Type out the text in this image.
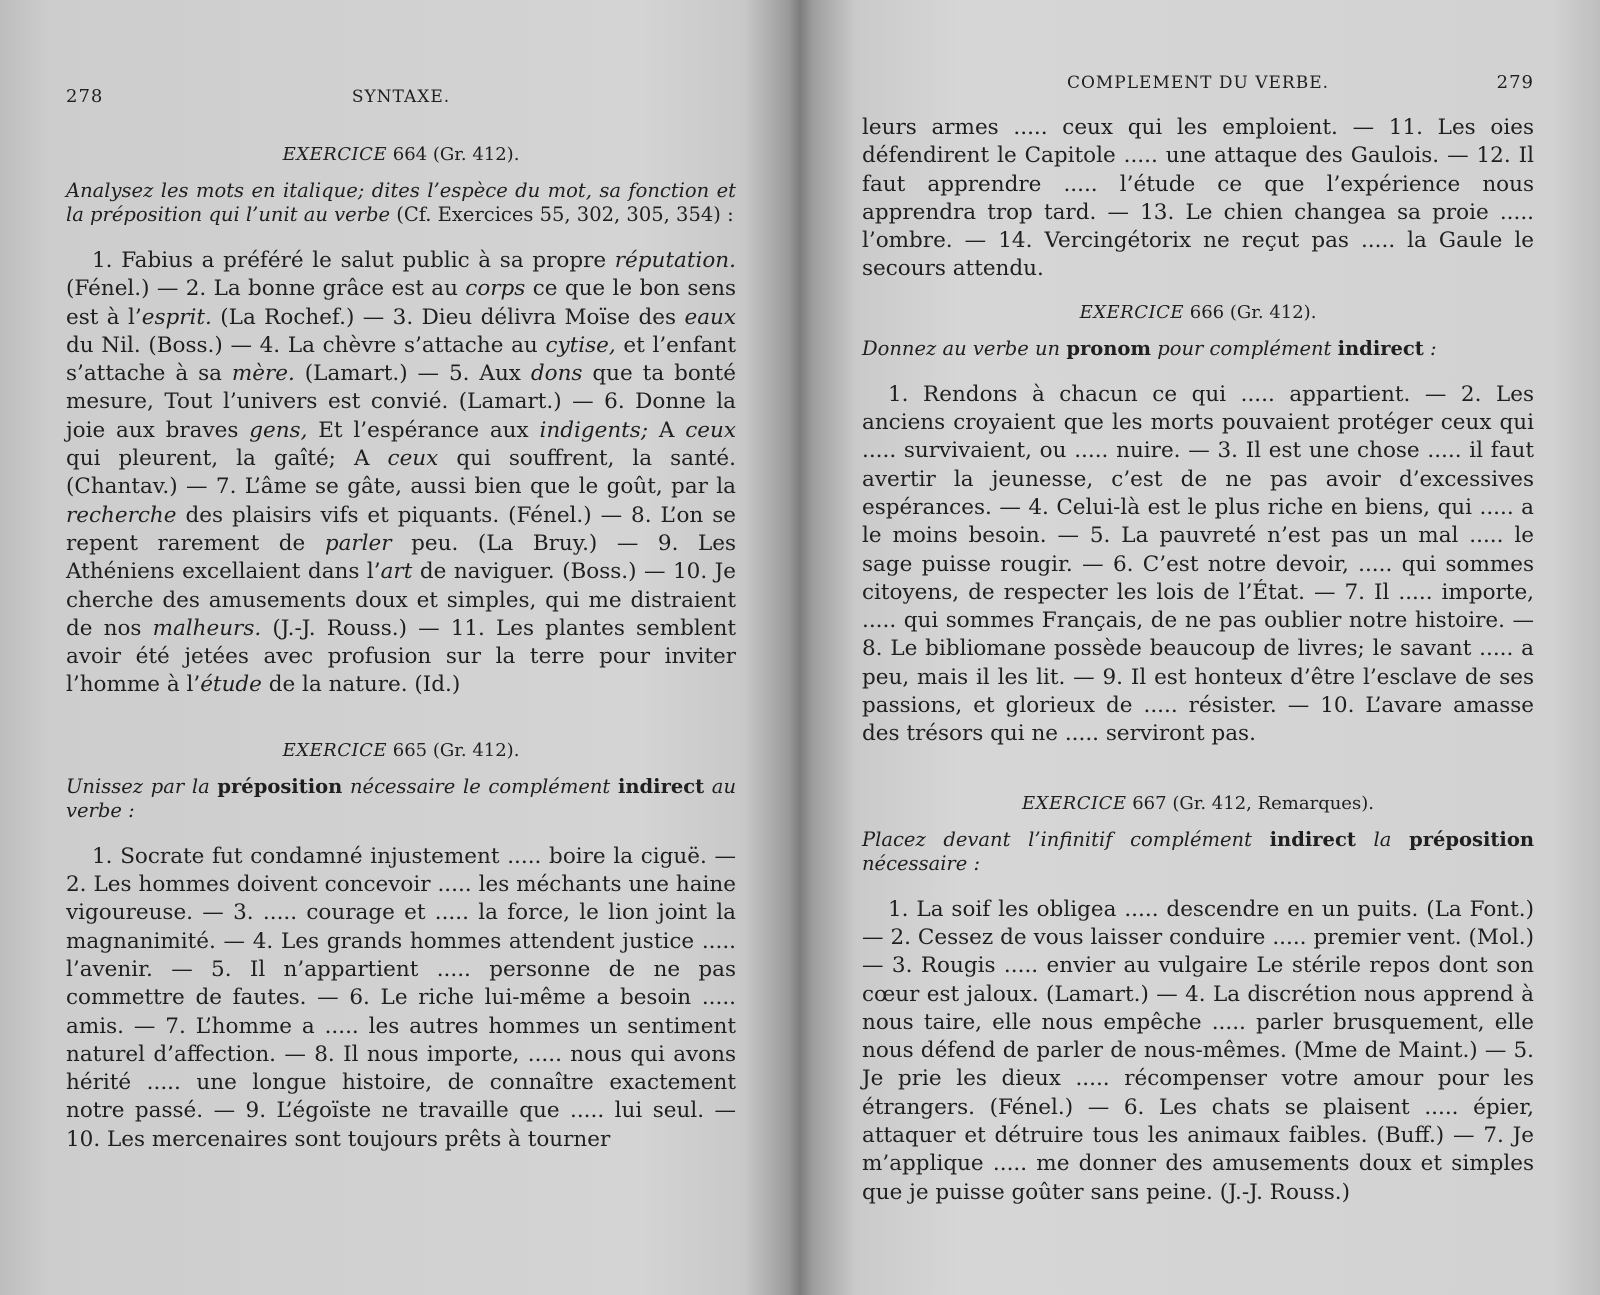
278	SYNTAXE.
EXERCICE 664 (Gr. 412).

Analysez les mots en italique; dites l’espèce du mot, sa fonction et la préposition qui l’unit au verbe (Cf. Exercices 55, 302, 305, 354) :

1. Fabius a préféré le salut public à sa propre réputation. (Fénel.) — 2. La bonne grâce est au corps ce que le bon sens est à l’esprit. (La Rochef.) — 3. Dieu délivra Moïse des eaux du Nil. (Boss.) — 4. La chèvre s’attache au cytise, et l’enfant s’attache à sa mère. (Lamart.) — 5. Aux dons que ta bonté mesure, Tout l’univers est convié. (Lamart.) — 6. Donne la joie aux braves gens, Et l’espérance aux indigents; A ceux qui pleurent, la gaîté; A ceux qui souffrent, la santé. (Chantav.) — 7. L’âme se gâte, aussi bien que le goût, par la recherche des plaisirs vifs et piquants. (Fénel.) — 8. L’on se repent rarement de parler peu. (La Bruy.) — 9. Les Athéniens excellaient dans l’art de naviguer. (Boss.) — 10. Je cherche des amusements doux et simples, qui me distraient de nos malheurs. (J.-J. Rouss.) — 11. Les plantes semblent avoir été jetées avec profusion sur la terre pour inviter l’homme à l’étude de la nature. (Id.)

EXERCICE 665 (Gr. 412).

Unissez par la préposition nécessaire le complément indirect au verbe :

1. Socrate fut condamné injustement ..... boire la ciguë. — 2. Les hommes doivent concevoir ..... les méchants une haine vigoureuse. — 3. ..... courage et ..... la force, le lion joint la magnanimité. — 4. Les grands hommes attendent justice ..... l’avenir. — 5. Il n’appartient ..... personne de ne pas commettre de fautes. — 6. Le riche lui-même a besoin ..... amis. — 7. L’homme a ..... les autres hommes un sentiment naturel d’affection. — 8. Il nous importe, ..... nous qui avons hérité ..... une longue histoire, de connaître exactement notre passé. — 9. L’égoïste ne travaille que ..... lui seul. — 10. Les mercenaires sont toujours prêts à tourner

COMPLEMENT DU VERBE.	279

leurs armes ..... ceux qui les emploient. — 11. Les oies défendirent le Capitole ..... une attaque des Gaulois. — 12. Il faut apprendre ..... l’étude ce que l’expérience nous apprendra trop tard. — 13. Le chien changea sa proie ..... l’ombre. — 14. Vercingétorix ne reçut pas ..... la Gaule le secours attendu.

EXERCICE 666 (Gr. 412).

Donnez au verbe un pronom pour complément indirect :

1. Rendons à chacun ce qui ..... appartient. — 2. Les anciens croyaient que les morts pouvaient protéger ceux qui ..... survivaient, ou ..... nuire. — 3. Il est une chose ..... il faut avertir la jeunesse, c’est de ne pas avoir d’excessives espérances. — 4. Celui-là est le plus riche en biens, qui ..... a le moins besoin. — 5. La pauvreté n’est pas un mal ..... le sage puisse rougir. — 6. C’est notre devoir, ..... qui sommes citoyens, de respecter les lois de l’État. — 7. Il ..... importe, ..... qui sommes Français, de ne pas oublier notre histoire. — 8. Le bibliomane possède beaucoup de livres; le savant ..... a peu, mais il les lit. — 9. Il est honteux d’être l’esclave de ses passions, et glorieux de ..... résister. — 10. L’avare amasse des trésors qui ne ..... serviront pas.

EXERCICE 667 (Gr. 412, Remarques).

Placez devant l’infinitif complément indirect la préposition nécessaire :

1. La soif les obligea ..... descendre en un puits. (La Font.) — 2. Cessez de vous laisser conduire ..... premier vent. (Mol.) — 3. Rougis ..... envier au vulgaire Le stérile repos dont son cœur est jaloux. (Lamart.) — 4. La discrétion nous apprend à nous taire, elle nous empêche ..... parler brusquement, elle nous défend de parler de nous-mêmes. (Mme de Maint.) — 5. Je prie les dieux ..... récompenser votre amour pour les étrangers. (Fénel.) — 6. Les chats se plaisent ..... épier, attaquer et détruire tous les animaux faibles. (Buff.) — 7. Je m’applique ..... me donner des amusements doux et simples que je puisse goûter sans peine. (J.-J. Rouss.)
